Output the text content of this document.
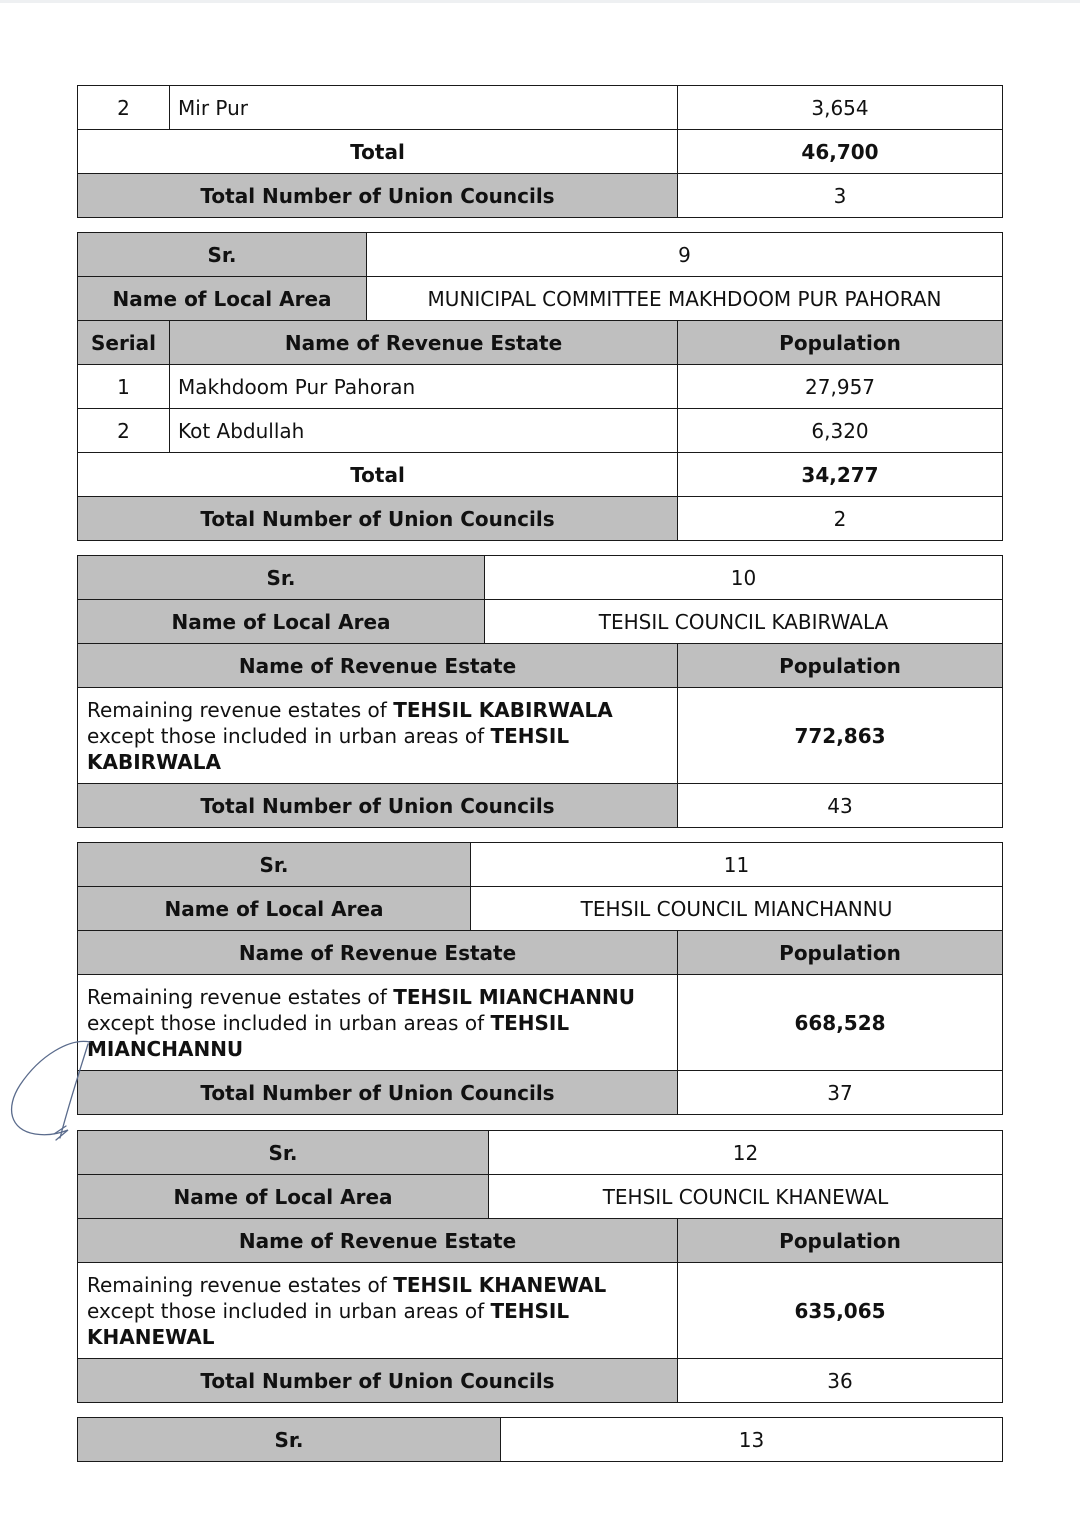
2	Mir Pur	3,654
Total		46,700
Total Number of Union Councils		3
Sr.		9	
Name of Local Area		MUNICIPAL COMMITTEE MAKHDOOM PUR PAHORAN	
Serial	Name of Revenue Estate		Population
1	Makhdoom Pur Pahoran		27,957
2	Kot Abdullah		6,320
Total			34,277
Total Number of Union Councils			2
Sr.	10	
Name of Local Area	TEHSIL COUNCIL KABIRWALA	
Name of Revenue Estate		Population
Remaining revenue estates of TEHSIL KABIRWALA except those included in urban areas of TEHSIL KABIRWALA		772,863
Total Number of Union Councils		43
Sr.	11	
Name of Local Area	TEHSIL COUNCIL MIANCHANNU	
Name of Revenue Estate		Population
Remaining revenue estates of TEHSIL MIANCHANNU except those included in urban areas of TEHSIL MIANCHANNU		668,528
Total Number of Union Councils		37
Sr.	12	
Name of Local Area	TEHSIL COUNCIL KHANEWAL	
Name of Revenue Estate		Population
Remaining revenue estates of TEHSIL KHANEWAL except those included in urban areas of TEHSIL KHANEWAL		635,065
Total Number of Union Councils		36
Sr.	13
